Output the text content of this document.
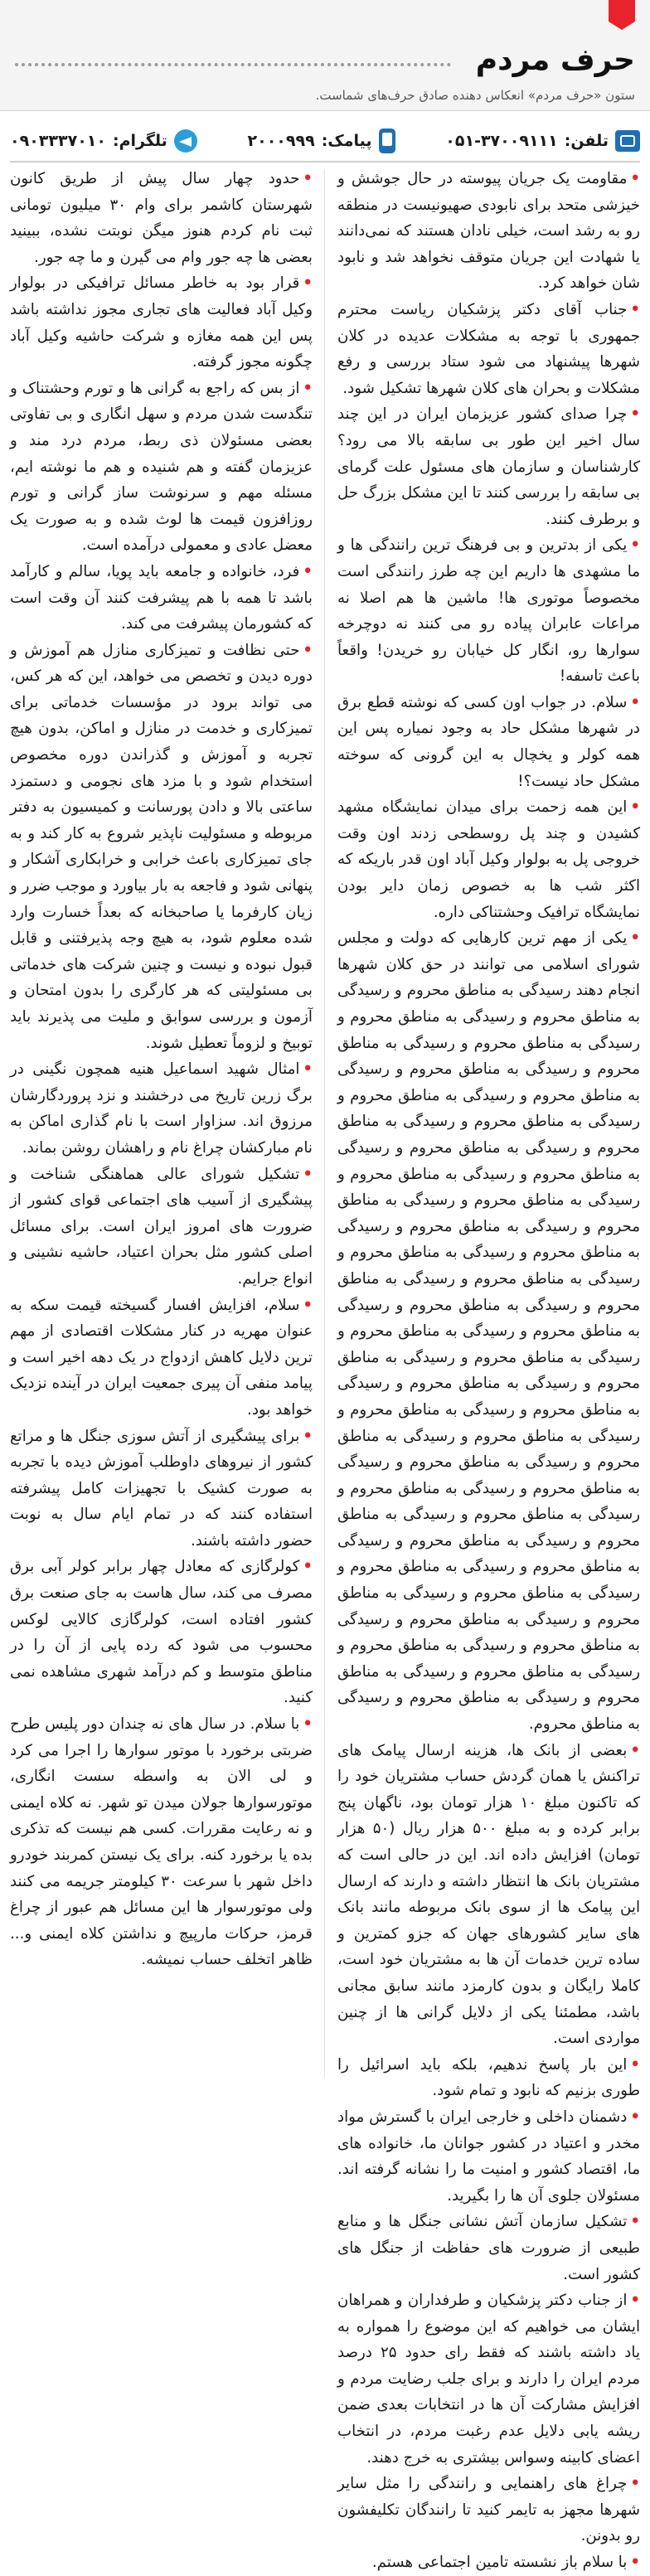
حرف مردم
ستون «حرف مردم» انعکاس دهنده صادق حرف‌های شماست.
تلفن:
۰۵۱-۳۷۰۰۹۱۱۱
پیامک:
۲۰۰۰۹۹۹
تلگرام:
۰۹۰۳۳۳۷۰۱۰

•مقاومت یک جریان پیوسته در حال جوشش و خیزشی متحد برای نابودی صهیونیست در منطقه رو به رشد است، خیلی نادان هستند که نمی‌دانند یا شهادت این جریان متوقف نخواهد شد و نابود شان خواهد کرد.

•جناب آقای دکتر پزشکیان ریاست محترم جمهوری با توجه به مشکلات عدیده در کلان شهرها پیشنهاد می شود ستاد بررسی و رفع مشکلات و بحران های کلان شهرها تشکیل شود.

•چرا صدای کشور عزیزمان ایران در این چند سال اخیر این طور بی سابقه بالا می رود؟ کارشناسان و سازمان های مسئول علت گرمای بی سابقه را بررسی کنند تا این مشکل بزرگ حل و برطرف کنند.

•یکی از بدترین و بی فرهنگ ترین رانندگی ها و ما مشهدی ها داریم این چه طرز رانندگی است مخصوصاً موتوری ها! ماشین ها هم اصلا نه مراعات عابران پیاده رو می کنند نه دوچرخه سوارها رو، انگار کل خیابان رو خریدن! واقعاً باعث تاسفه!

•سلام. در جواب اون کسی که نوشته قطع برق در شهرها مشکل حاد به وجود نمیاره پس این همه کولر و یخچال به این گرونی که سوخته مشکل حاد نیست؟!

•این همه زحمت برای میدان نمایشگاه مشهد کشیدن و چند پل روسطحی زدند اون وقت خروجی پل به بولوار وکیل آباد اون قدر باریکه که اکثر شب ها به خصوص زمان دایر بودن نمایشگاه ترافیک وحشتناکی داره.

•یکی از مهم ترین کارهایی که دولت و مجلس شورای اسلامی می توانند در حق کلان شهرها انجام دهند رسیدگی به مناطق محروم و رسیدگی به مناطق محروم و رسیدگی به مناطق محروم و رسیدگی به مناطق محروم و رسیدگی به مناطق محروم و رسیدگی به مناطق محروم و رسیدگی به مناطق محروم و رسیدگی به مناطق محروم و رسیدگی به مناطق محروم و رسیدگی به مناطق محروم و رسیدگی به مناطق محروم و رسیدگی به مناطق محروم و رسیدگی به مناطق محروم و رسیدگی به مناطق محروم و رسیدگی به مناطق محروم و رسیدگی به مناطق محروم و رسیدگی به مناطق محروم و رسیدگی به مناطق محروم و رسیدگی به مناطق محروم و رسیدگی به مناطق محروم و رسیدگی به مناطق محروم و رسیدگی به مناطق محروم و رسیدگی به مناطق محروم و رسیدگی به مناطق محروم و رسیدگی به مناطق محروم و رسیدگی به مناطق محروم و رسیدگی به مناطق محروم و رسیدگی به مناطق محروم و رسیدگی به مناطق محروم و رسیدگی به مناطق محروم و رسیدگی به مناطق محروم و رسیدگی به مناطق محروم و رسیدگی به مناطق محروم و رسیدگی به مناطق محروم و رسیدگی به مناطق محروم و رسیدگی به مناطق محروم و رسیدگی به مناطق محروم و رسیدگی به مناطق محروم و رسیدگی به مناطق محروم و رسیدگی به مناطق محروم و رسیدگی به مناطق محروم و رسیدگی به مناطق محروم و رسیدگی به مناطق محروم و رسیدگی به مناطق محروم و رسیدگی به مناطق محروم و رسیدگی به مناطق محروم و رسیدگی به مناطق محروم.

•بعضی از بانک ها، هزینه ارسال پیامک های تراکنش یا همان گردش حساب مشتریان خود را که تاکنون مبلغ ۱۰ هزار تومان بود، ناگهان پنج برابر کرده و به مبلغ ۵۰۰ هزار ریال (۵۰ هزار تومان) افزایش داده اند. این در حالی است که مشتریان بانک ها انتظار داشته و دارند که ارسال این پیامک ها از سوی بانک مربوطه مانند بانک های سایر کشورهای جهان که جزو کمترین و ساده ترین خدمات آن ها به مشتریان خود است، کاملا رایگان و بدون کارمزد مانند سابق مجانی باشد، مطمئنا یکی از دلایل گرانی ها از چنین مواردی است.

•این بار پاسخ ندهیم، بلکه باید اسرائیل را طوری بزنیم که نابود و تمام شود.

•دشمنان داخلی و خارجی ایران با گسترش مواد مخدر و اعتیاد در کشور جوانان ما، خانواده های ما، اقتصاد کشور و امنیت ما را نشانه گرفته اند. مسئولان جلوی آن ها را بگیرید.

•تشکیل سازمان آتش نشانی جنگل ها و منابع طبیعی از ضرورت های حفاظت از جنگل های کشور است.

•از جناب دکتر پزشکیان و طرفداران و همراهان ایشان می خواهیم که این موضوع را همواره به یاد داشته باشند که فقط رای حدود ۲۵ درصد مردم ایران را دارند و برای جلب رضایت مردم و افزایش مشارکت آن ها در انتخابات بعدی ضمن ریشه یابی دلایل عدم رغبت مردم، در انتخاب اعضای کابینه وسواس بیشتری به خرج دهند.

•چراغ های راهنمایی و رانندگی را مثل سایر شهرها مجهز به تایمر کنید تا رانندگان تکلیفشون رو بدونن.

•با سلام باز نشسته تامین اجتماعی هستم.

•حدود چهار سال پیش از طریق کانون شهرستان کاشمر برای وام ۳۰ میلیون تومانی ثبت نام کردم هنوز میگن نوبتت نشده، ببینید بعضی ها چه جور وام می گیرن و ما چه جور.

•قرار بود به خاطر مسائل ترافیکی در بولوار وکیل آباد فعالیت های تجاری مجوز نداشته باشد پس این همه مغازه و شرکت حاشیه وکیل آباد چگونه مجوز گرفته.

•از بس که راجع به گرانی ها و تورم وحشتناک و تنگدست شدن مردم و سهل انگاری و بی تفاوتی بعضی مسئولان ذی ربط، مردم درد مند و عزیزمان گفته و هم شنیده و هم ما نوشته ایم، مسئله مهم و سرنوشت ساز گرانی و تورم روزافزون قیمت ها لوث شده و به صورت یک معضل عادی و معمولی درآمده است.

•فرد، خانواده و جامعه باید پویا، سالم و کارآمد باشد تا همه با هم پیشرفت کنند آن وقت است که کشورمان پیشرفت می کند.

•حتی نظافت و تمیزکاری منازل هم آموزش و دوره دیدن و تخصص می خواهد، این که هر کس، می تواند برود در مؤسسات خدماتی برای تمیزکاری و خدمت در منازل و اماکن، بدون هیچ تجربه و آموزش و گذراندن دوره مخصوص استخدام شود و با مزد های نجومی و دستمزد ساعتی بالا و دادن پورسانت و کمیسیون به دفتر مربوطه و مسئولیت ناپذیر شروع به کار کند و به جای تمیزکاری باعث خرابی و خرابکاری آشکار و پنهانی شود و فاجعه به بار بیاورد و موجب ضرر و زیان کارفرما یا صاحبخانه که بعداً خسارت وارد شده معلوم شود، به هیچ وجه پذیرفتنی و قابل قبول نبوده و نیست و چنین شرکت های خدماتی بی مسئولیتی که هر کارگری را بدون امتحان و آزمون و بررسی سوابق و ملیت می پذیرند باید توبیخ و لزوماً تعطیل شوند.

•امثال شهید اسماعیل هنیه همچون نگینی در برگ زرین تاریخ می درخشند و نزد پروردگارشان مرزوق اند. سزاوار است با نام گذاری اماکن به نام مبارکشان چراغ نام و راهشان روشن بماند.

•تشکیل شورای عالی هماهنگی شناخت و پیشگیری از آسیب های اجتماعی قوای کشور از ضرورت های امروز ایران است. برای مسائل اصلی کشور مثل بحران اعتیاد، حاشیه نشینی و انواع جرایم.

•سلام، افزایش افسار گسیخته قیمت سکه به عنوان مهریه در کنار مشکلات اقتصادی از مهم ترین دلایل کاهش ازدواج در یک دهه اخیر است و پیامد منفی آن پیری جمعیت ایران در آینده نزدیک خواهد بود.

•برای پیشگیری از آتش سوزی جنگل ها و مراتع کشور از نیروهای داوطلب آموزش دیده با تجربه به صورت کشیک با تجهیزات کامل پیشرفته استفاده کنند که در تمام ایام سال به نوبت حضور داشته باشند.

•کولرگازی که معادل چهار برابر کولر آبی برق مصرف می کند، سال هاست به جای صنعت برق کشور افتاده است، کولرگازی کالایی لوکس محسوب می شود که رده پایی از آن را در مناطق متوسط و کم درآمد شهری مشاهده نمی کنید.

•با سلام. در سال های نه چندان دور پلیس طرح ضربتی برخورد با موتور سوارها را اجرا می کرد و لی الان به واسطه سست انگاری، موتورسوارها جولان میدن تو شهر. نه کلاه ایمنی و نه رعایت مقررات. کسی هم نیست که تذکری بده یا برخورد کنه. برای یک نیستن کمربند خودرو داخل شهر با سرعت ۳۰ کیلومتر جریمه می کنند ولی موتورسوار ها این مسائل هم عبور از چراغ قرمز، حرکات مارپیچ و نداشتن کلاه ایمنی و... ظاهر اتخلف حساب نمیشه.
